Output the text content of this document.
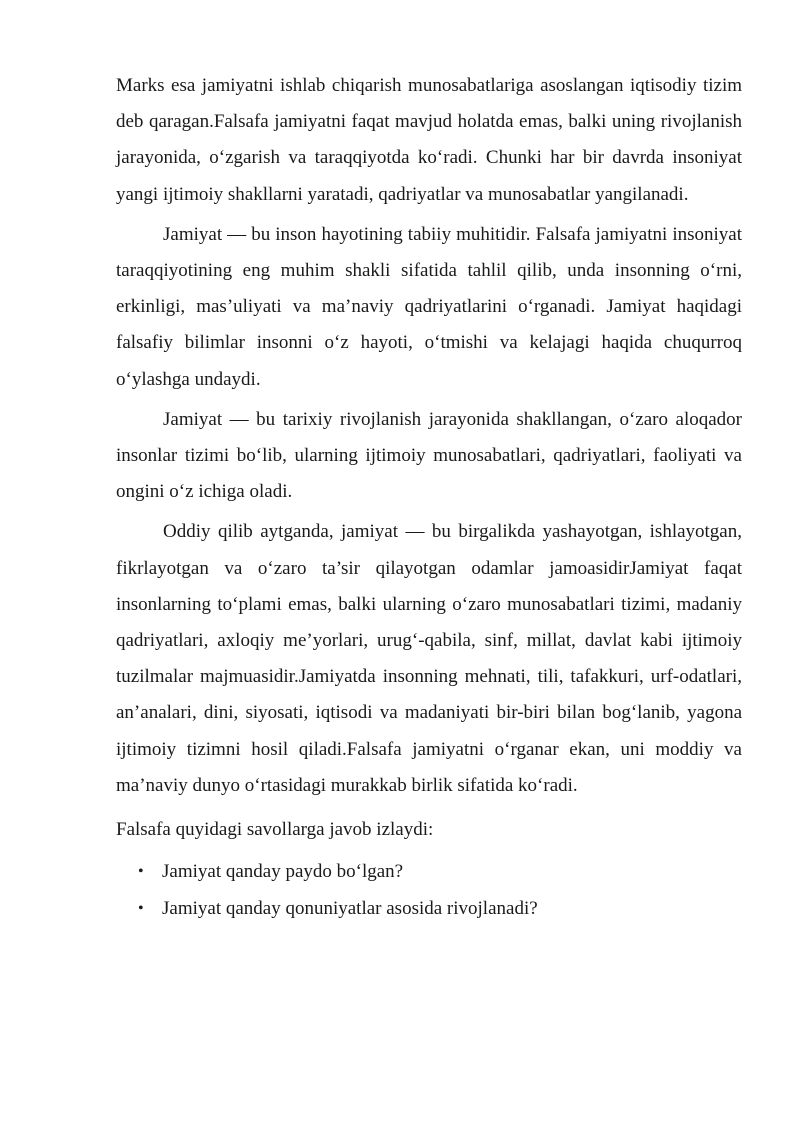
Marks esa jamiyatni ishlab chiqarish munosabatlariga asoslangan iqtisodiy tizim deb qaragan.Falsafa jamiyatni faqat mavjud holatda emas, balki uning rivojlanish jarayonida, o‘zgarish va taraqqiyotda ko‘radi. Chunki har bir davrda insoniyat yangi ijtimoiy shakllarni yaratadi, qadriyatlar va munosabatlar yangilanadi.

Jamiyat — bu inson hayotining tabiiy muhitidir. Falsafa jamiyatni insoniyat taraqqiyotining eng muhim shakli sifatida tahlil qilib, unda insonning o‘rni, erkinligi, mas’uliyati va ma’naviy qadriyatlarini o‘rganadi. Jamiyat haqidagi falsafiy bilimlar insonni o‘z hayoti, o‘tmishi va kelajagi haqida chuqurroq o‘ylashga undaydi.

Jamiyat — bu tarixiy rivojlanish jarayonida shakllangan, o‘zaro aloqador insonlar tizimi bo‘lib, ularning ijtimoiy munosabatlari, qadriyatlari, faoliyati va ongini o‘z ichiga oladi.

Oddiy qilib aytganda, jamiyat — bu birgalikda yashayotgan, ishlayotgan, fikrlayotgan va o‘zaro ta’sir qilayotgan odamlar jamoasidirJamiyat faqat insonlarning to‘plami emas, balki ularning o‘zaro munosabatlari tizimi, madaniy qadriyatlari, axloqiy me’yorlari, urug‘-qabila, sinf, millat, davlat kabi ijtimoiy tuzilmalar majmuasidir.Jamiyatda insonning mehnati, tili, tafakkuri, urf-odatlari, an’analari, dini, siyosati, iqtisodi va madaniyati bir-biri bilan bog‘lanib, yagona ijtimoiy tizimni hosil qiladi.Falsafa jamiyatni o‘rganar ekan, uni moddiy va ma’naviy dunyo o‘rtasidagi murakkab birlik sifatida ko‘radi.

Falsafa quyidagi savollarga javob izlaydi:

• Jamiyat qanday paydo bo‘lgan?
• Jamiyat qanday qonuniyatlar asosida rivojlanadi?
